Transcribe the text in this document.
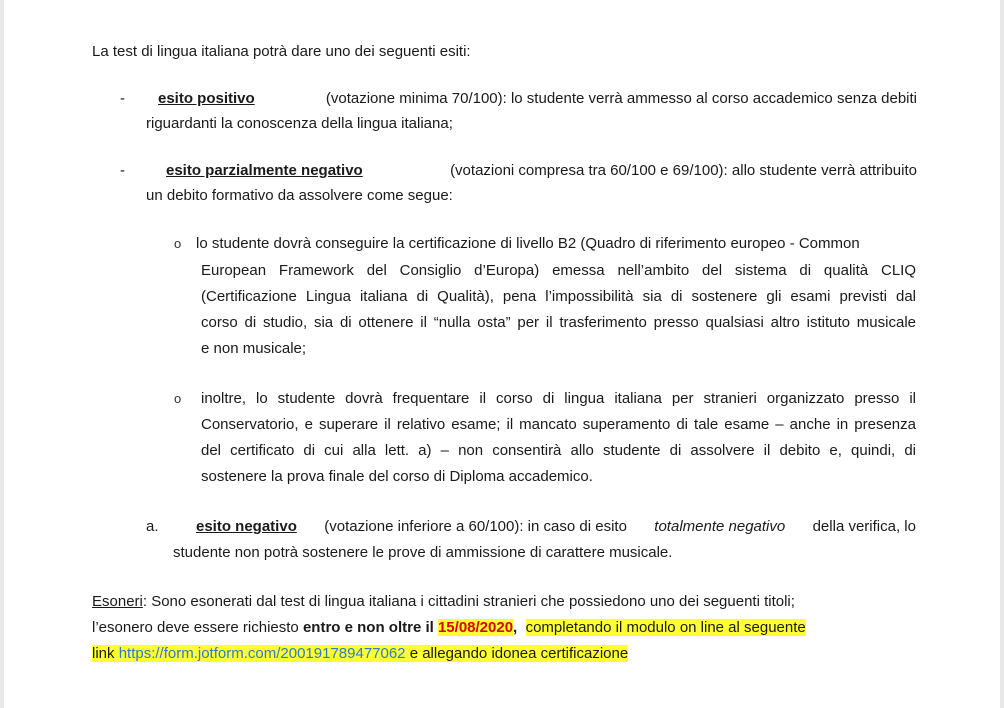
La test di lingua italiana potrà dare uno dei seguenti esiti:
- esito positivo	(votazione minima 70/100): lo studente verrà ammesso al corso accademico senza debiti
riguardanti la conoscenza della lingua italiana;
-	esito parzialmente negativo	(votazioni compresa tra 60/100 e 69/100): allo studente verrà attribuito
un debito formativo da assolvere come segue:
o lo studente dovrà conseguire la certificazione di livello B2 (Quadro di riferimento europeo - Common
European Framework del Consiglio d’Europa) emessa nell’ambito del sistema di qualità CLIQ
(Certificazione Lingua italiana di Qualità), pena l’impossibilità sia di sostenere gli esami previsti dal
corso di studio, sia di ottenere il “nulla osta” per il trasferimento presso qualsiasi altro istituto musicale
e non musicale;
o inoltre, lo studente dovrà frequentare il corso di lingua italiana per stranieri organizzato presso il
Conservatorio, e superare il relativo esame; il mancato superamento di tale esame – anche in presenza
del certificato di cui alla lett. a) – non consentirà allo studente di assolvere il debito e, quindi, di
sostenere la prova finale del corso di Diploma accademico.
a. esito negativo (votazione inferiore a 60/100): in caso di esito totalmente negativo della verifica, lo
studente non potrà sostenere le prove di ammissione di carattere musicale.
Esoneri: Sono esonerati dal test di lingua italiana i cittadini stranieri che possiedono uno dei seguenti titoli;
l’esonero deve essere richiesto entro e non oltre il 15/08/2020, completando il modulo on line al seguente
link https://form.jotform.com/200191789477062 e allegando idonea certificazione
